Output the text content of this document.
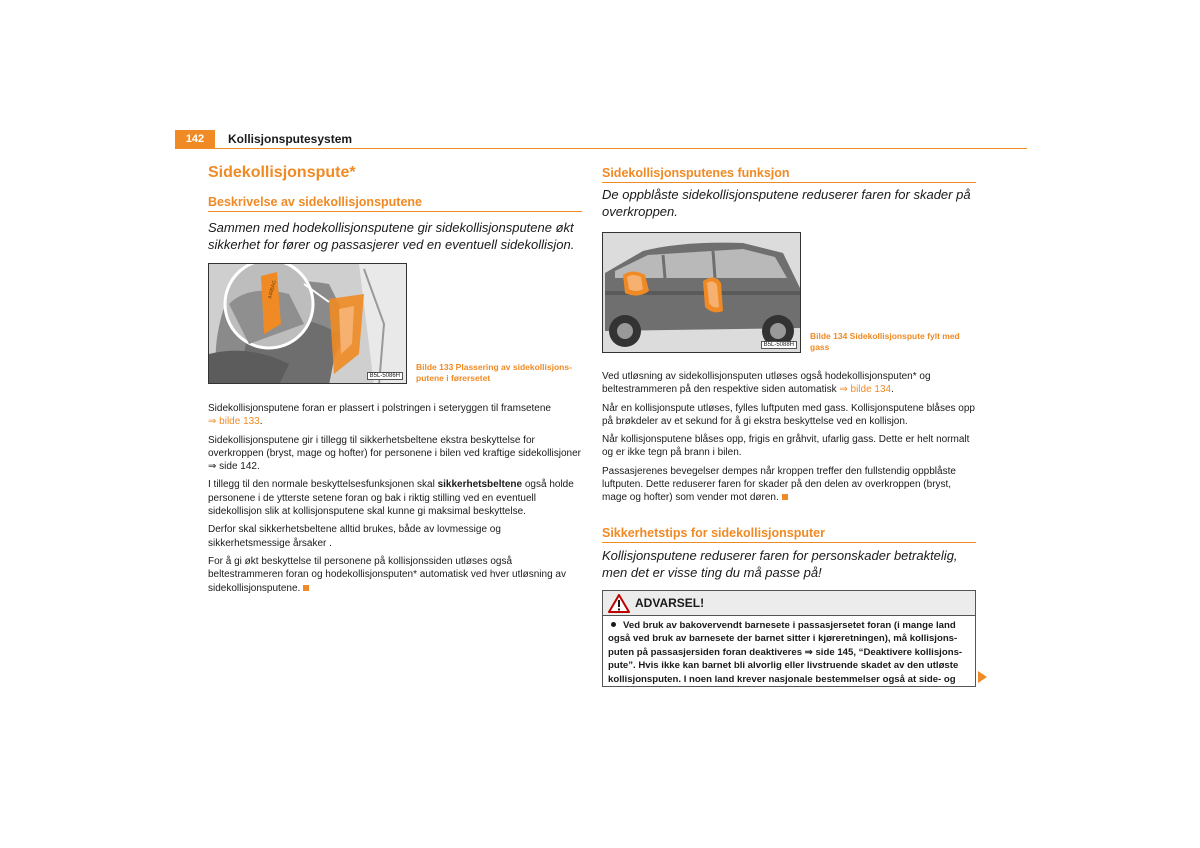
142	Kollisjonsputesystem
Sidekollisjonspute*
Beskrivelse av sidekollisjonsputene
Sammen med hodekollisjonsputene gir sidekollisjonsputene økt sikkerhet for fører og passasjerer ved en eventuell sidekollisjon.
AIRBAG
B5L-5086H
Bilde 133 Plassering av sidekollisjons-
putene i førersetet

Sidekollisjonsputene foran er plassert i polstringen i seteryggen til framsetene
⇒ bilde 133.

Sidekollisjonsputene gir i tillegg til sikkerhetsbeltene ekstra beskyttelse for overkroppen (bryst, mage og hofter) for personene i bilen ved kraftige sidekollisjoner ⇒ side 142.

I tillegg til den normale beskyttelsesfunksjonen skal sikkerhetsbeltene også holde personene i de ytterste setene foran og bak i riktig stilling ved en eventuell sidekollisjon slik at kollisjonsputene skal kunne gi maksimal beskyttelse.

Derfor skal sikkerhetsbeltene alltid brukes, både av lovmessige og sikkerhetsmessige årsaker .

For å gi økt beskyttelse til personene på kollisjonssiden utløses også beltestrammeren foran og hodekollisjonsputen* automatisk ved hver utløsning av sidekollisjonsputene.

Sidekollisjonsputenes funksjon
De oppblåste sidekollisjonsputene reduserer faren for skader på overkroppen.
B5L-5088H
Bilde 134 Sidekollisjonspute fylt med
gass

Ved utløsning av sidekollisjonsputen utløses også hodekollisjonsputen* og beltestrammeren på den respektive siden automatisk ⇒ bilde 134.

Når en kollisjonspute utløses, fylles luftputen med gass. Kollisjonsputene blåses opp på brøkdeler av et sekund for å gi ekstra beskyttelse ved en kollisjon.

Når kollisjonsputene blåses opp, frigis en gråhvit, ufarlig gass. Dette er helt normalt og er ikke tegn på brann i bilen.

Passasjerenes bevegelser dempes når kroppen treffer den fullstendig oppblåste luftputen. Dette reduserer faren for skader på den delen av overkroppen (bryst, mage og hofter) som vender mot døren.

Sikkerhetstips for sidekollisjonsputer
Kollisjonsputene reduserer faren for personskader betraktelig, men det er visse ting du må passe på!
ADVARSEL!
Ved bruk av bakovervendt barnesete i passasjersetet foran (i mange land
også ved bruk av barnesete der barnet sitter i kjøreretningen), må kollisjons-
puten på passasjersiden foran deaktiveres ⇒ side 145, “Deaktivere kollisjons-
pute”. Hvis ikke kan barnet bli alvorlig eller livstruende skadet av den utløste
kollisjonsputen. I noen land krever nasjonale bestemmelser også at side- og
